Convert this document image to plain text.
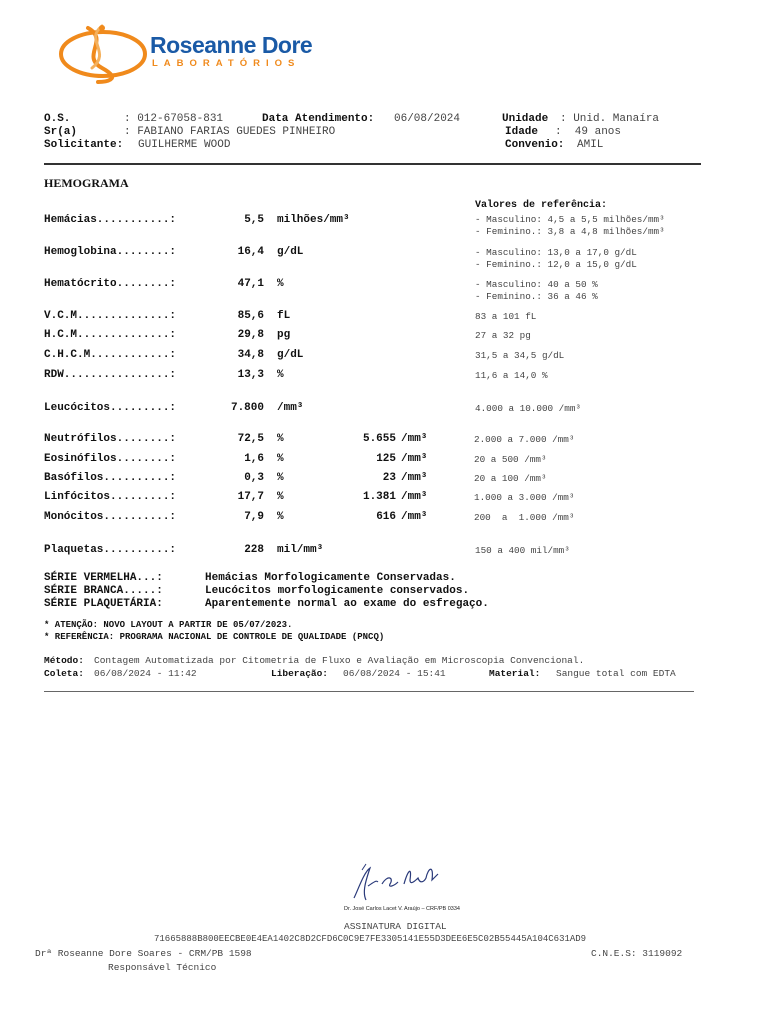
Roseanne Dore
LABORATÓRIOS
O.S.	: 012-67058-831	Data Atendimento: 06/08/2024	Unidade : Unid. Manaíra
Sr(a)	: FABIANO FARIAS GUEDES PINHEIRO	Idade :  49 anos
Solicitante: GUILHERME WOOD	Convenio: AMIL
HEMOGRAMA
Valores de referência:
Hemácias...........:	5,5 milhões/mm³	- Masculino: 4,5 a 5,5 milhões/mm³
- Feminino.: 3,8 a 4,8 milhões/mm³
Hemoglobina........:	16,4 g/dL	- Masculino: 13,0 a 17,0 g/dL
- Feminino.: 12,0 a 15,0 g/dL
Hematócrito........:	47,1 %	- Masculino: 40 a 50 %
- Feminino.: 36 a 46 %
V.C.M..............:	85,6 fL	83 a 101 fL
H.C.M..............:	29,8 pg	27 a 32 pg
C.H.C.M............:	34,8 g/dL	31,5 a 34,5 g/dL
RDW................:	13,3 %	11,6 a 14,0 %
Leucócitos.........:	7.800 /mm³	4.000 a 10.000 /mm³
Neutrófilos........:	72,5 %	5.655 /mm³	2.000 a 7.000 /mm³
Eosinófilos........:	1,6 %	125 /mm³	20 a 500 /mm³
Basófilos..........:	0,3 %	23 /mm³	20 a 100 /mm³
Linfócitos.........:	17,7 %	1.381 /mm³	1.000 a 3.000 /mm³
Monócitos..........:	7,9 %	616 /mm³	200  a  1.000 /mm³
Plaquetas..........:	228 mil/mm³	150 a 400 mil/mm³
SÉRIE VERMELHA...:	Hemácias Morfologicamente Conservadas.
SÉRIE BRANCA.....:	Leucócitos morfologicamente conservados.
SÉRIE PLAQUETÁRIA:	Aparentemente normal ao exame do esfregaço.
* ATENÇÃO: NOVO LAYOUT A PARTIR DE 05/07/2023.
* REFERÊNCIA: PROGRAMA NACIONAL DE CONTROLE DE QUALIDADE (PNCQ)
Método: Contagem Automatizada por Citometria de Fluxo e Avaliação em Microscopia Convencional.
Coleta: 06/08/2024 - 11:42	Liberação: 06/08/2024 - 15:41	Material: Sangue total com EDTA
Dr. José Carlos Lacet V. Araújo – CRF/PB 0334
ASSINATURA DIGITAL
71665888B800EECBE0E4EA1402C8D2CFD6C0C9E7FE3305141E55D3DEE6E5C02B55445A104C631AD9
Drª Roseanne Dore Soares - CRM/PB 1598	C.N.E.S: 3119092
Responsável Técnico
